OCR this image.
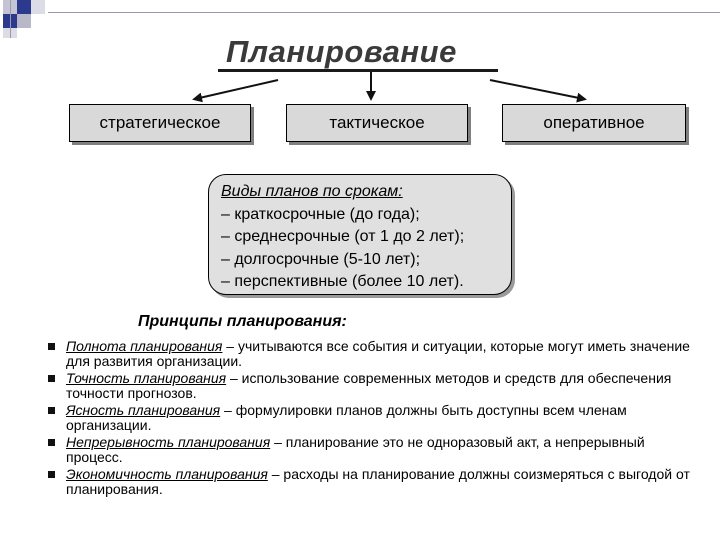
Планирование
стратегическое	тактическое	оперативное
Виды планов по срокам:
– краткосрочные (до года);
– среднесрочные (от 1 до 2 лет);
– долгосрочные (5-10 лет);
– перспективные (более 10 лет).
Принципы планирования:
Полнота планирования – учитываются все события и ситуации, которые могут иметь значение для развития организации.
Точность планирования – использование современных методов и средств для обеспечения точности прогнозов.
Ясность планирования – формулировки планов должны быть доступны всем членам организации.
Непрерывность планирования – планирование это не одноразовый акт, а непрерывный процесс.
Экономичность планирования – расходы на планирование должны соизмеряться с выгодой от планирования.
